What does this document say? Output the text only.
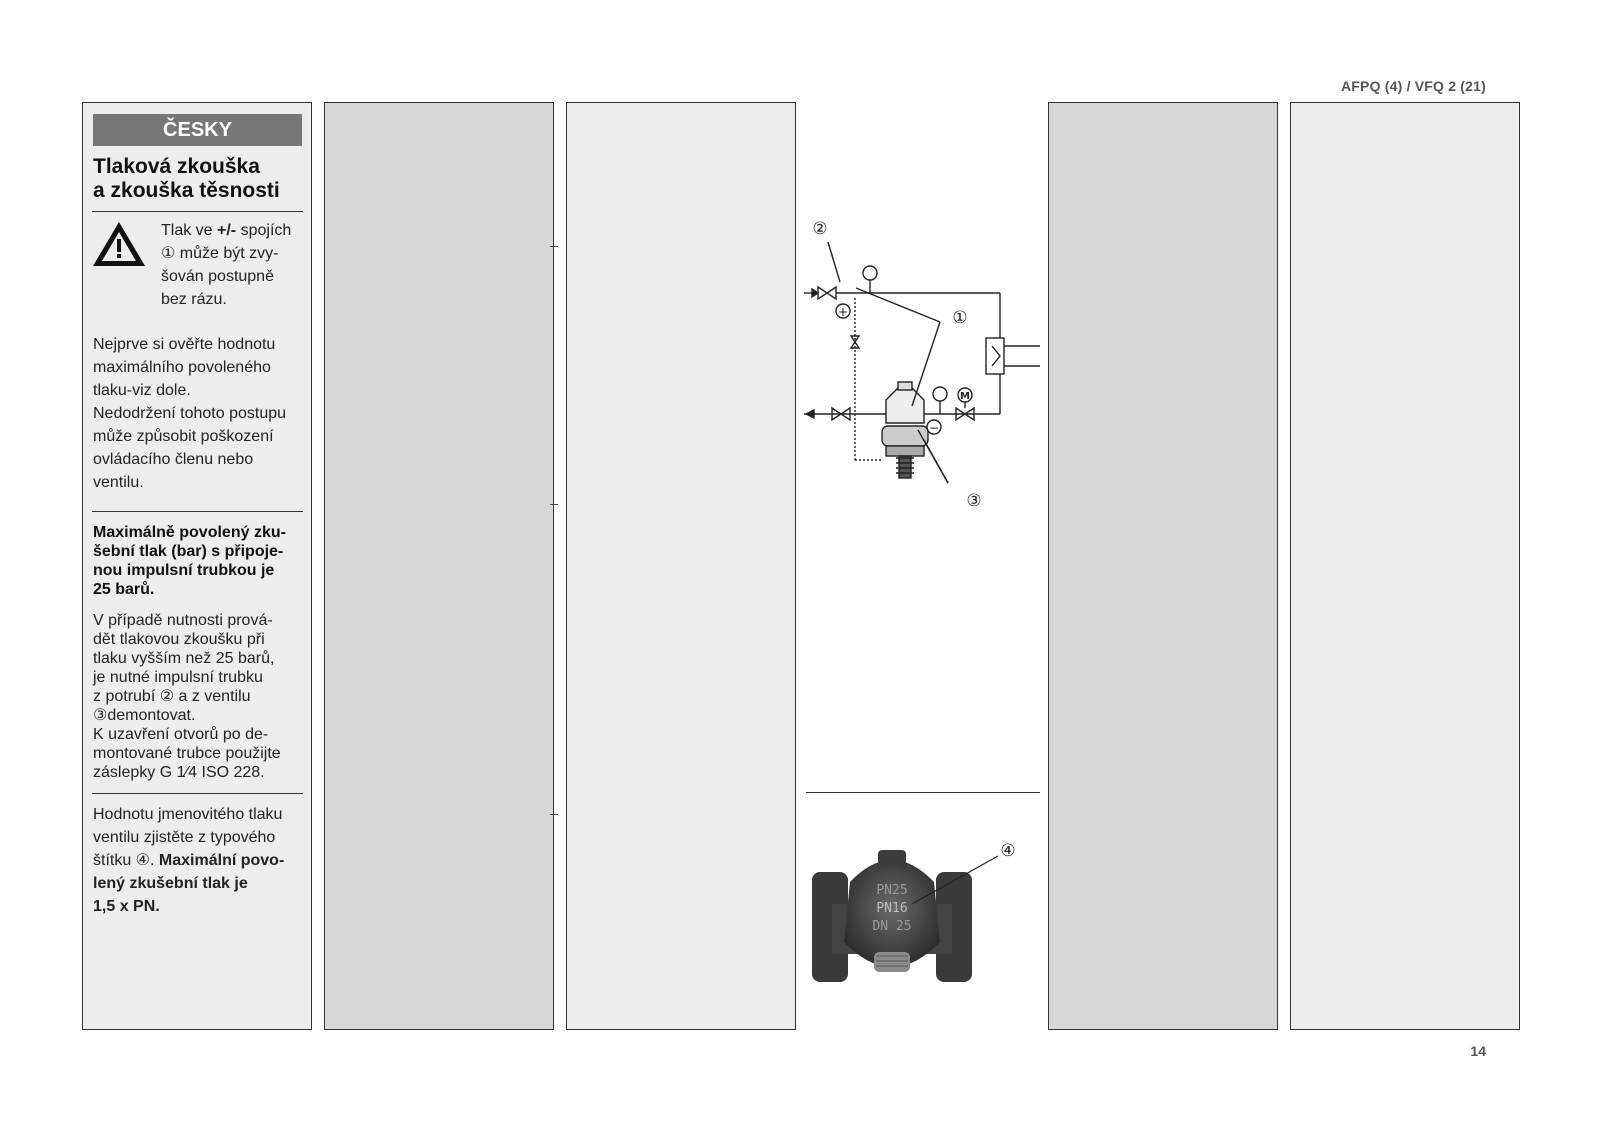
AFPQ (4) / VFQ 2 (21)
ČESKY
Tlaková zkouška
a zkouška těsnosti
Tlak ve +/- spojích
① může být zvy-
šován postupně
bez rázu.

Nejprve si ověřte hodnotu
maximálního povoleného
tlaku-viz dole.
Nedodržení tohoto postupu
může způsobit poškození
ovládacího členu nebo
ventilu.

Maximálně povolený zku-
šební tlak (bar) s připoje-
nou impulsní trubkou je
25 barů.

V případě nutnosti prová-
dět tlakovou zkoušku při
tlaku vyšším než 25 barů,
je nutné impulsní trubku
z potrubí ② a z ventilu
③demontovat.
K uzavření otvorů po de-
montované trubce použijte
záslepky G 1⁄4 ISO 228.

Hodnotu jmenovitého tlaku
ventilu zjistěte z typového
štítku ④. Maximální povo-
lený zkušební tlak je
1,5 x PN.

②
①
③
+
−
M
PN25
PN16
DN 25
④
14
